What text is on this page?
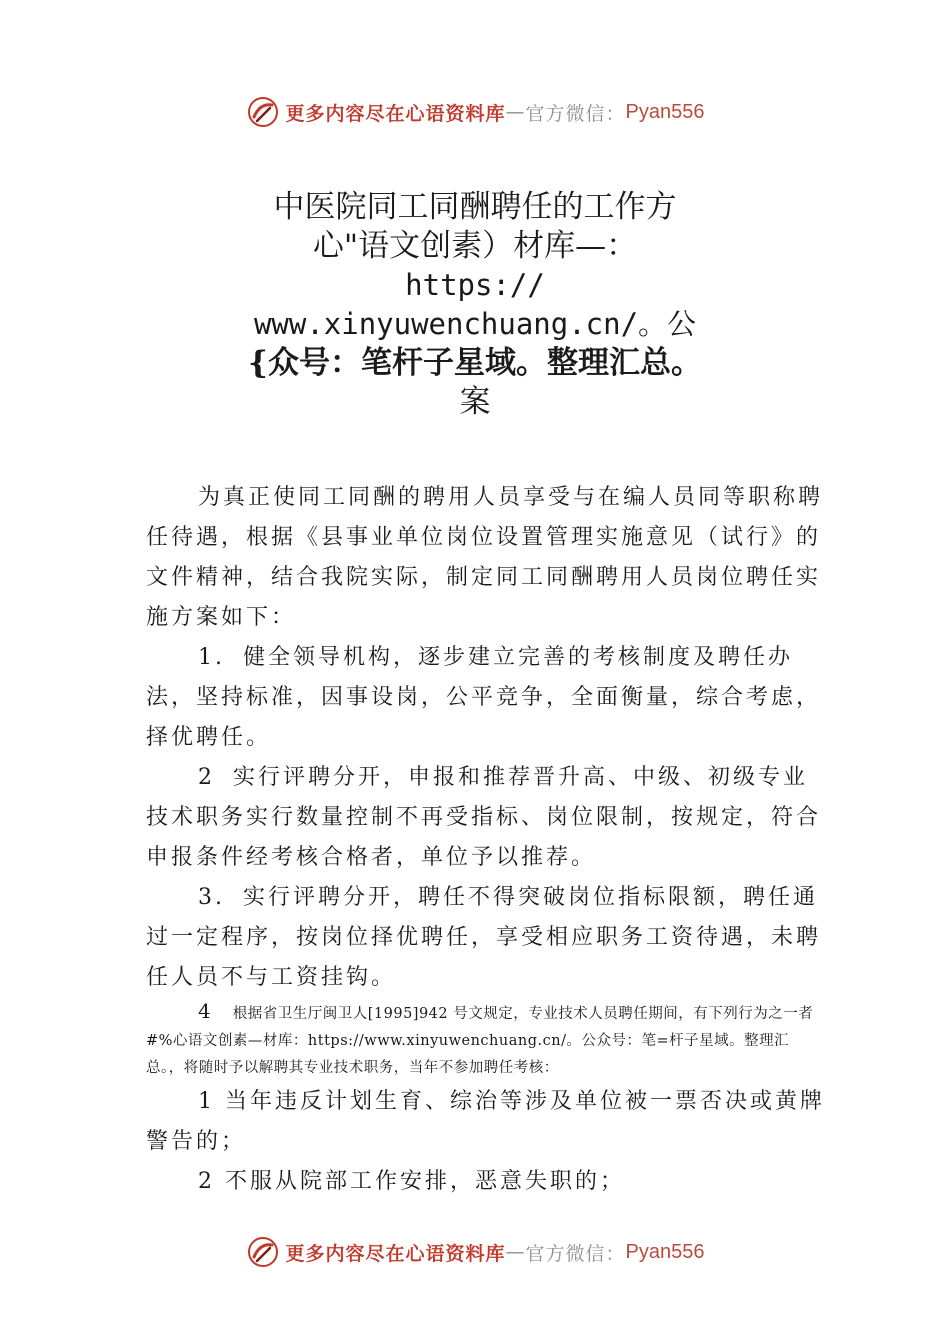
更多内容尽在心语资料库 — 官方微信： Pyan556
中医院同工同酬聘任的工作方
心"语文创素）材库—：
https://
www.xinyuwenchuang.cn/。公
{众号：笔杆子星域。整理汇总。
案

为真正使同工同酬的聘用人员享受与在编人员同等职称聘任待遇，根据《县事业单位岗位设置管理实施意见（试行》的文件精神，结合我院实际，制定同工同酬聘用人员岗位聘任实施方案如下：

1. 健全领导机构，逐步建立完善的考核制度及聘任办法，坚持标准，因事设岗，公平竞争，全面衡量，综合考虑，择优聘任。

2 实行评聘分开，申报和推荐晋升高、中级、初级专业技术职务实行数量控制不再受指标、岗位限制，按规定，符合申报条件经考核合格者，单位予以推荐。

3. 实行评聘分开，聘任不得突破岗位指标限额，聘任通过一定程序，按岗位择优聘任，享受相应职务工资待遇，未聘任人员不与工资挂钩。

4 根据省卫生厅闽卫人[1995]942 号文规定，专业技术人员聘任期间，有下列行为之一者#%心语文创素—材库：https://www.xinyuwenchuang.cn/。公众号：笔=杆子星域。整理汇总。，将随时予以解聘其专业技术职务，当年不参加聘任考核：

1 当年违反计划生育、综治等涉及单位被一票否决或黄牌警告的；

2 不服从院部工作安排，恶意失职的；

更多内容尽在心语资料库 — 官方微信： Pyan556
